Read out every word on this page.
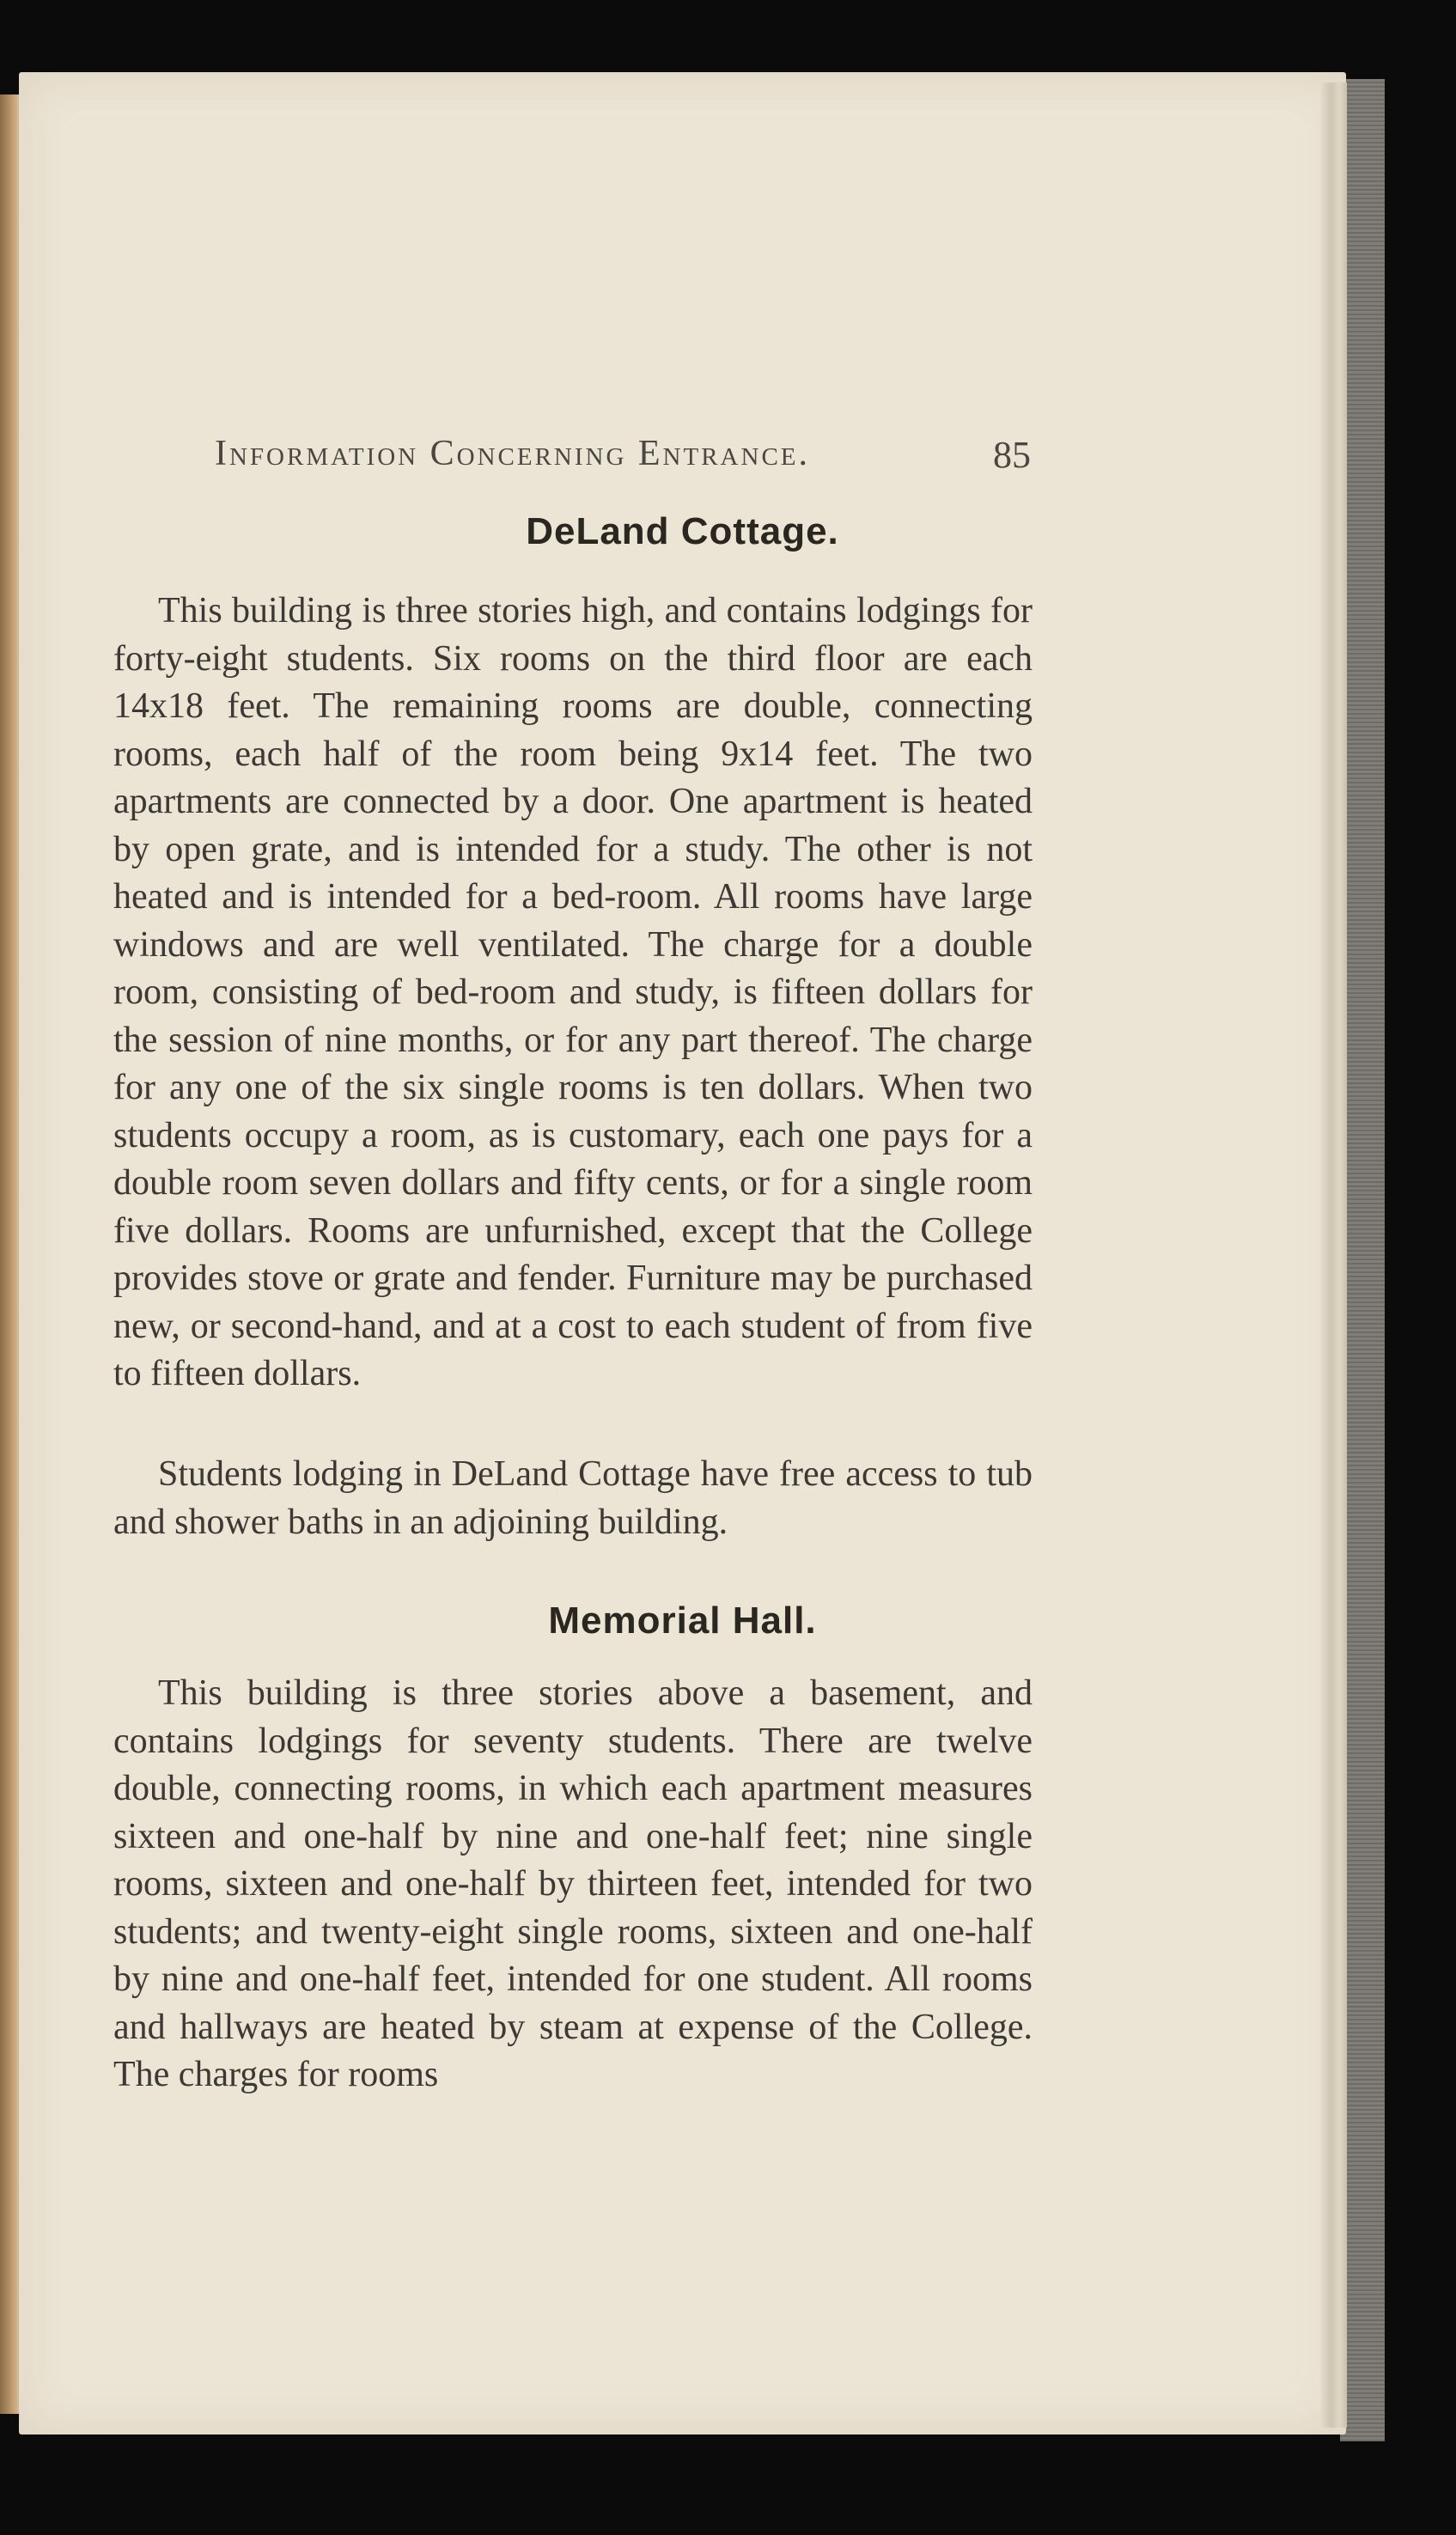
Information Concerning Entrance.	85
DeLand Cottage.
This building is three stories high, and contains lodgings for forty-eight students. Six rooms on the third floor are each 14x18 feet. The remaining rooms are double, connecting rooms, each half of the room being 9x14 feet. The two apartments are connected by a door. One apartment is heated by open grate, and is intended for a study. The other is not heated and is intended for a bed-room. All rooms have large windows and are well ventilated. The charge for a double room, consisting of bed-room and study, is fifteen dollars for the session of nine months, or for any part thereof. The charge for any one of the six single rooms is ten dollars. When two students occupy a room, as is customary, each one pays for a double room seven dollars and fifty cents, or for a single room five dollars. Rooms are unfurnished, except that the College provides stove or grate and fender. Furniture may be purchased new, or second-hand, and at a cost to each student of from five to fifteen dollars.
Students lodging in DeLand Cottage have free access to tub and shower baths in an adjoining building.
Memorial Hall.
This building is three stories above a basement, and contains lodgings for seventy students. There are twelve double, connecting rooms, in which each apartment measures sixteen and one-half by nine and one-half feet; nine single rooms, sixteen and one-half by thirteen feet, intended for two students; and twenty-eight single rooms, sixteen and one-half by nine and one-half feet, intended for one student. All rooms and hallways are heated by steam at expense of the College. The charges for rooms
